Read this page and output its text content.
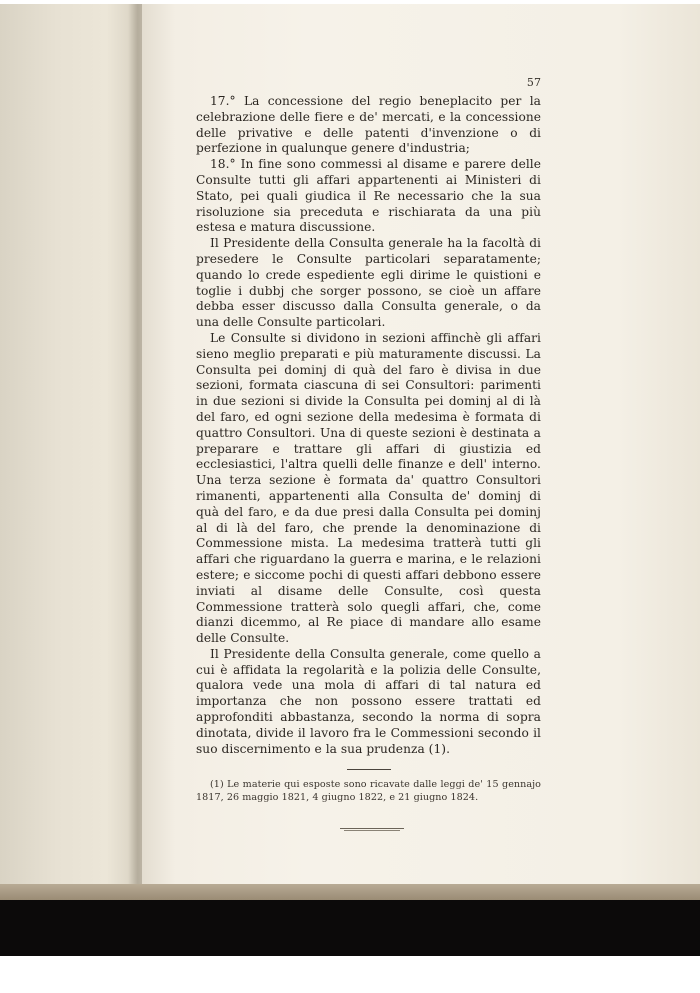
57

17.° La concessione del regio beneplacito per la celebrazione delle fiere e de' mercati, e la concessione delle privative e delle patenti d'invenzione o di perfezione in qualunque genere d'industria;

18.° In fine sono commessi al disame e parere delle Consulte tutti gli affari appartenenti ai Ministeri di Stato, pei quali giudica il Re necessario che la sua risoluzione sia preceduta e rischiarata da una più estesa e matura discussione.

Il Presidente della Consulta generale ha la facoltà di presedere le Consulte particolari separatamente; quando lo crede espediente egli dirime le quistioni e toglie i dubbj che sorger possono, se cioè un affare debba esser discusso dalla Consulta generale, o da una delle Consulte particolari.

Le Consulte si dividono in sezioni affinchè gli affari sieno meglio preparati e più maturamente discussi. La Consulta pei dominj di quà del faro è divisa in due sezioni, formata ciascuna di sei Consultori: parimenti in due sezioni si divide la Consulta pei dominj al di là del faro, ed ogni sezione della medesima è formata di quattro Consultori. Una di queste sezioni è destinata a preparare e trattare gli affari di giustizia ed ecclesiastici, l'altra quelli delle finanze e dell' interno. Una terza sezione è formata da' quattro Consultori rimanenti, appartenenti alla Consulta de' dominj di quà del faro, e da due presi dalla Consulta pei dominj al di là del faro, che prende la denominazione di Commessione mista. La medesima tratterà tutti gli affari che riguardano la guerra e marina, e le relazioni estere; e siccome pochi di questi affari debbono essere inviati al disame delle Consulte, così questa Commessione tratterà solo quegli affari, che, come dianzi dicemmo, al Re piace di mandare allo esame delle Consulte.

Il Presidente della Consulta generale, come quello a cui è affidata la regolarità e la polizia delle Consulte, qualora vede una mola di affari di tal natura ed importanza che non possono essere trattati ed approfonditi abbastanza, secondo la norma di sopra dinotata, divide il lavoro fra le Commessioni secondo il suo discernimento e la sua prudenza (1).

(1) Le materie qui esposte sono ricavate dalle leggi de' 15 gennajo 1817, 26 maggio 1821, 4 giugno 1822, e 21 giugno 1824.
